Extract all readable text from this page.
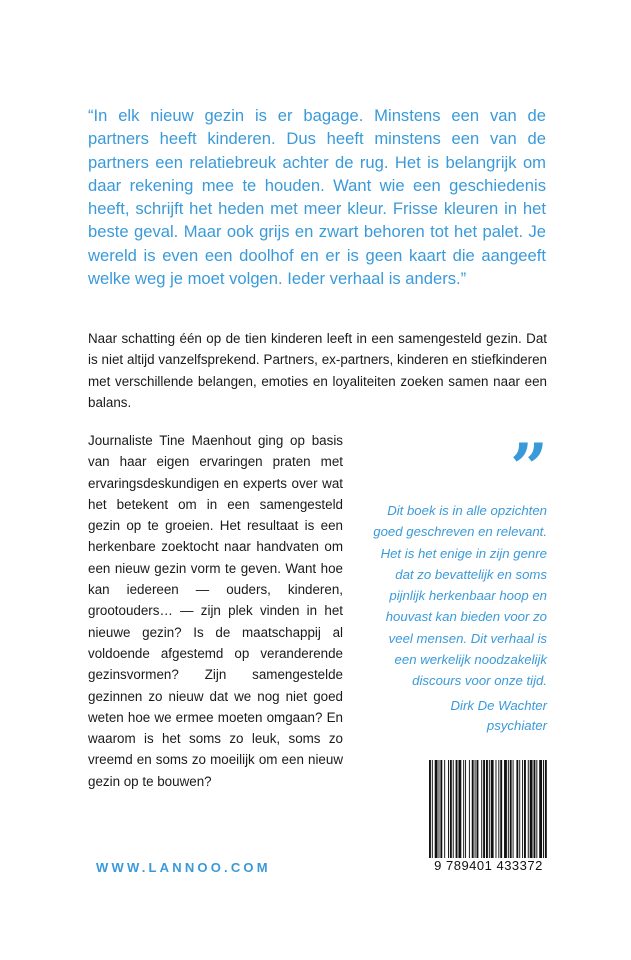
“In elk nieuw gezin is er bagage. Minstens een van de partners heeft kinderen. Dus heeft minstens een van de partners een relatiebreuk achter de rug. Het is belangrijk om daar rekening mee te houden. Want wie een geschiedenis heeft, schrijft het heden met meer kleur. Frisse kleuren in het beste geval. Maar ook grijs en zwart behoren tot het palet. Je wereld is even een doolhof en er is geen kaart die aangeeft welke weg je moet volgen. Ieder verhaal is anders.”
Naar schatting één op de tien kinderen leeft in een samengesteld gezin. Dat is niet altijd vanzelfsprekend. Partners, ex-partners, kinderen en stiefkinderen met verschillende belangen, emoties en loyaliteiten zoeken samen naar een balans.
Journaliste Tine Maenhout ging op basis van haar eigen ervaringen praten met ervaringsdeskundigen en experts over wat het betekent om in een samengesteld gezin op te groeien. Het resultaat is een herkenbare zoektocht naar handvaten om een nieuw gezin vorm te geven. Want hoe kan iedereen — ouders, kinderen, grootouders… — zijn plek vinden in het nieuwe gezin? Is de maatschappij al voldoende afgestemd op veranderende gezinsvormen? Zijn samengestelde gezinnen zo nieuw dat we nog niet goed weten hoe we ermee moeten omgaan? En waarom is het soms zo leuk, soms zo vreemd en soms zo moeilijk om een nieuw gezin op te bouwen?
”
Dit boek is in alle opzichten goed geschreven en relevant. Het is het enige in zijn genre dat zo bevattelijk en soms pijnlijk herkenbaar hoop en houvast kan bieden voor zo veel mensen. Dit verhaal is een werkelijk noodzakelijk discours voor onze tijd.
Dirk De Wachter
psychiater
WWW.LANNOO.COM	9 789401 433372
